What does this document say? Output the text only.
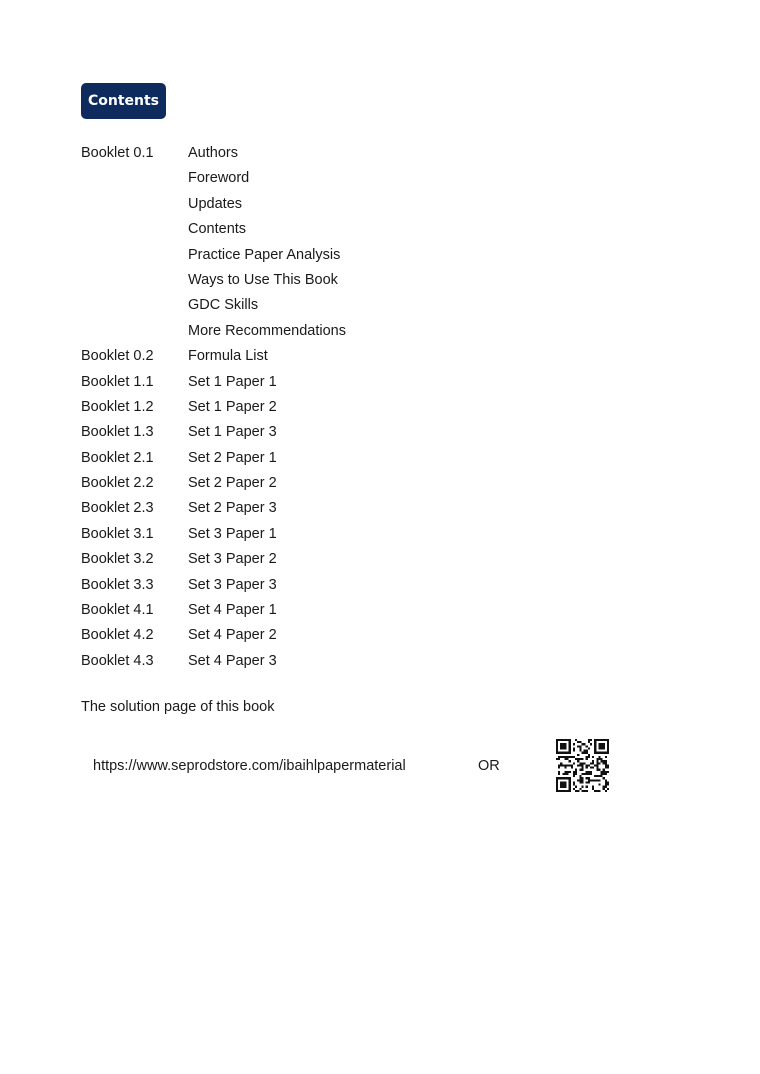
Contents
Booklet 0.1	Authors
Foreword
Updates
Contents
Practice Paper Analysis
Ways to Use This Book
GDC Skills
More Recommendations
Booklet 0.2	Formula List
Booklet 1.1	Set 1 Paper 1
Booklet 1.2	Set 1 Paper 2
Booklet 1.3	Set 1 Paper 3
Booklet 2.1	Set 2 Paper 1
Booklet 2.2	Set 2 Paper 2
Booklet 2.3	Set 2 Paper 3
Booklet 3.1	Set 3 Paper 1
Booklet 3.2	Set 3 Paper 2
Booklet 3.3	Set 3 Paper 3
Booklet 4.1	Set 4 Paper 1
Booklet 4.2	Set 4 Paper 2
Booklet 4.3	Set 4 Paper 3
The solution page of this book
https://www.seprodstore.com/ibaihlpapermaterial	OR
